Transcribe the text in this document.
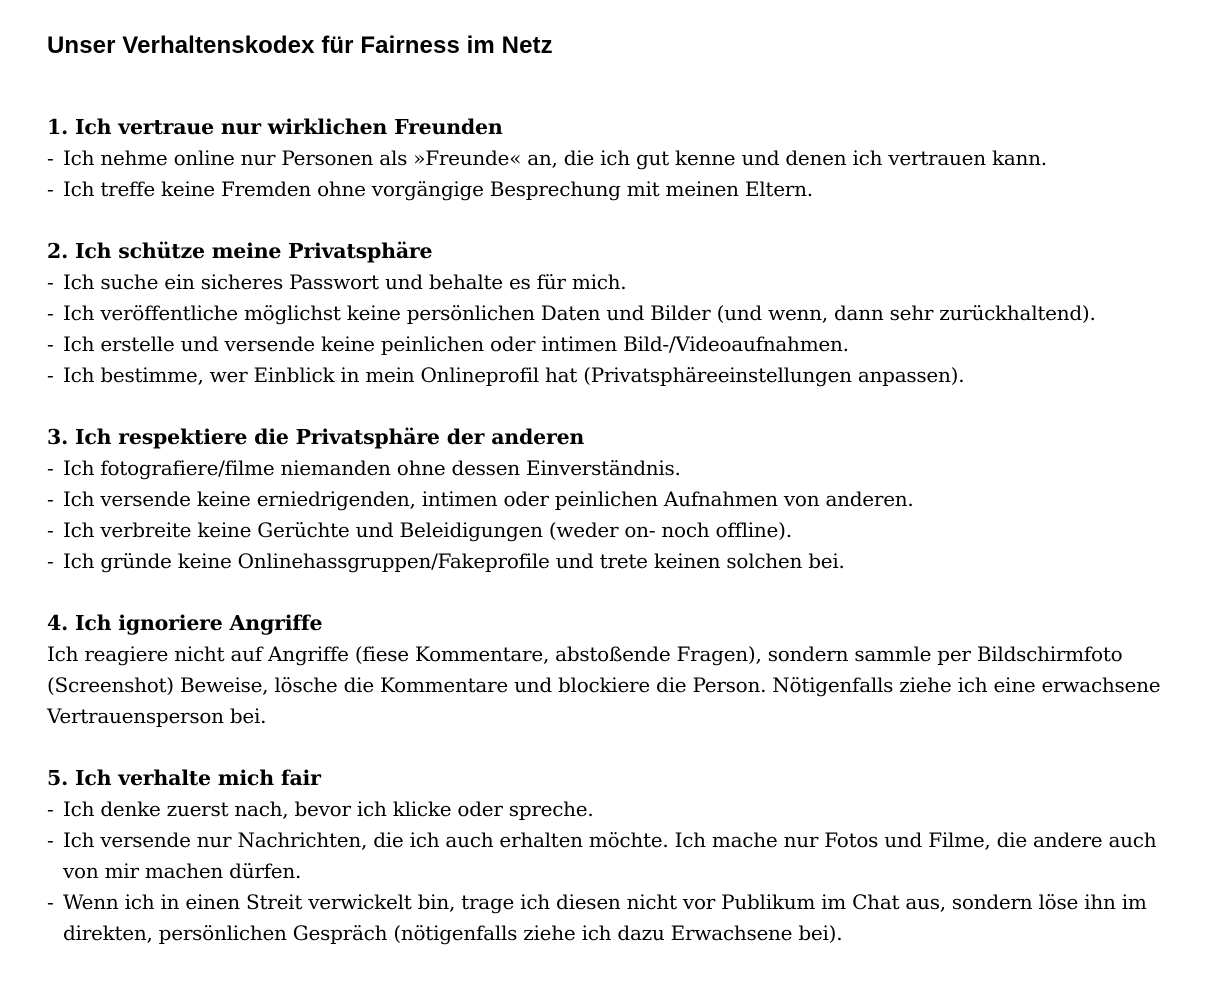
Unser Verhaltenskodex für Fairness im Netz
1. Ich vertraue nur wirklichen Freunden
- Ich nehme online nur Personen als »Freunde« an, die ich gut kenne und denen ich vertrauen kann.
- Ich treffe keine Fremden ohne vorgängige Besprechung mit meinen Eltern.
2. Ich schütze meine Privatsphäre
- Ich suche ein sicheres Passwort und behalte es für mich.
- Ich veröffentliche möglichst keine persönlichen Daten und Bilder (und wenn, dann sehr zurückhaltend).
- Ich erstelle und versende keine peinlichen oder intimen Bild-/Videoaufnahmen.
- Ich bestimme, wer Einblick in mein Onlineprofil hat (Privatsphäreeinstellungen anpassen).
3. Ich respektiere die Privatsphäre der anderen
- Ich fotografiere/filme niemanden ohne dessen Einverständnis.
- Ich versende keine erniedrigenden, intimen oder peinlichen Aufnahmen von anderen.
- Ich verbreite keine Gerüchte und Beleidigungen (weder on- noch offline).
- Ich gründe keine Onlinehassgruppen/Fakeprofile und trete keinen solchen bei.
4. Ich ignoriere Angriffe

Ich reagiere nicht auf Angriffe (fiese Kommentare, abstoßende Fragen), sondern sammle per Bildschirmfoto (Screenshot) Beweise, lösche die Kommentare und blockiere die Person. Nötigenfalls ziehe ich eine erwachsene Vertrauensperson bei.

5. Ich verhalte mich fair
- Ich denke zuerst nach, bevor ich klicke oder spreche.
- Ich versende nur Nachrichten, die ich auch erhalten möchte. Ich mache nur Fotos und Filme, die andere auch von mir machen dürfen.
- Wenn ich in einen Streit verwickelt bin, trage ich diesen nicht vor Publikum im Chat aus, sondern löse ihn im direkten, persönlichen Gespräch (nötigenfalls ziehe ich dazu Erwachsene bei).
